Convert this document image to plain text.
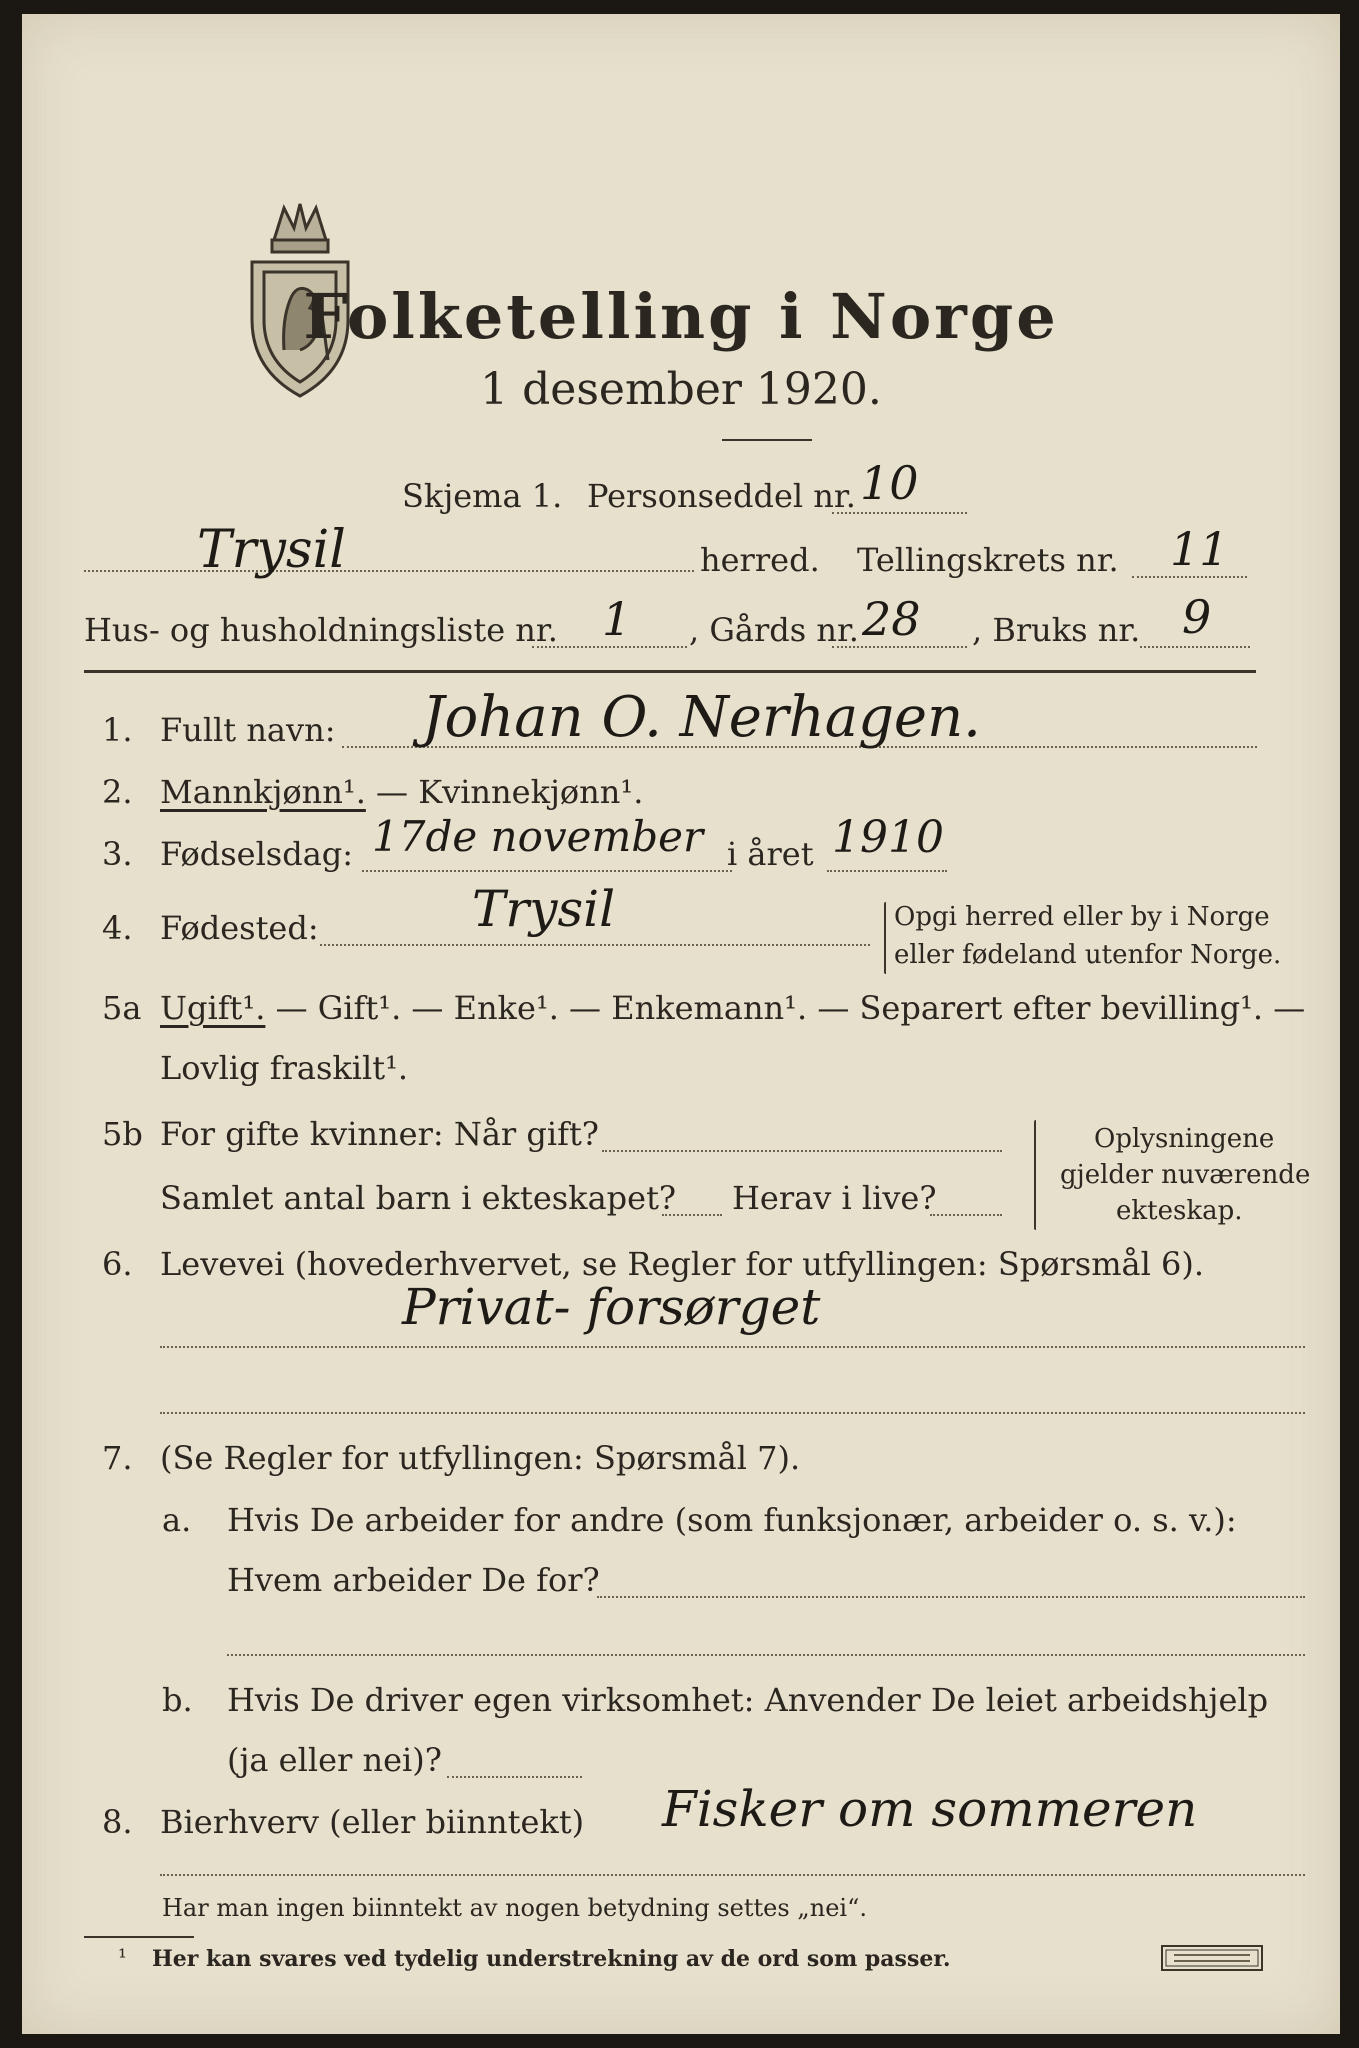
Folketelling i Norge
1 desember 1920.
Skjema 1. Personseddel nr. 10
Trysil	herred. Tellingskrets nr. 11
Hus- og husholdningsliste nr. 1 , Gårds nr. 28 , Bruks nr. 9
1. Fullt navn: Johan O. Nerhagen.
2. Mannkjønn¹. — Kvinnekjønn¹.
3. Fødselsdag: 17de november i året 1910
4. Fødested:	Trysil	Opgi herred eller by i Norge
eller fødeland utenfor Norge.
5a Ugift¹. — Gift¹. — Enke¹. — Enkemann¹. — Separert efter bevilling¹. —
Lovlig fraskilt¹.
5b For gifte kvinner: Når gift?
Samlet antal barn i ekteskapet? Herav i live?
Oplysningene
gjelder nuværende
ekteskap.
6. Levevei (hovederhvervet, se Regler for utfyllingen: Spørsmål 6).
Privat- forsørget
7. (Se Regler for utfyllingen: Spørsmål 7).
a. Hvis De arbeider for andre (som funksjonær, arbeider o. s. v.):
Hvem arbeider De for?
b. Hvis De driver egen virksomhet: Anvender De leiet arbeidshjelp
(ja eller nei)?
8. Bierhverv (eller biinntekt) Fisker om sommeren
Har man ingen biinntekt av nogen betydning settes „nei“.
¹ Her kan svares ved tydelig understrekning av de ord som passer.
